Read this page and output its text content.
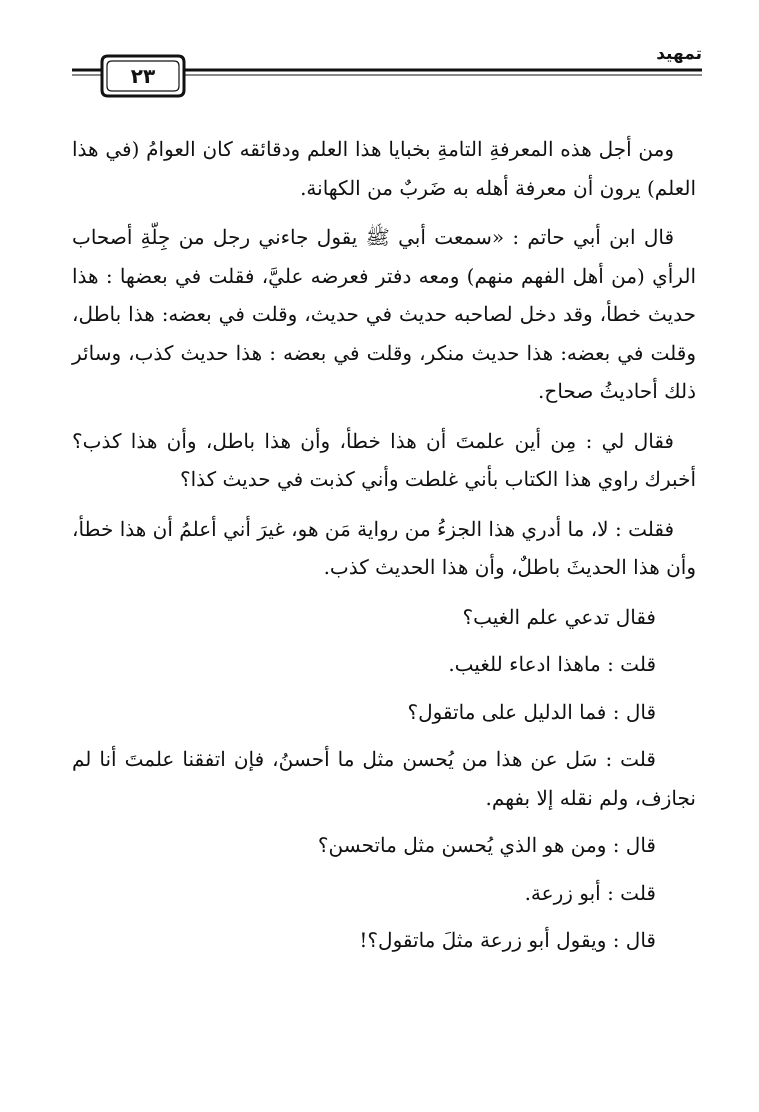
تمهيد
٢٣

ومن أجل هذه المعرفةِ التامةِ بخبايا هذا العلم ودقائقه كان العوامُ (في هذا العلم) يرون أن معرفة أهله به ضَربٌ من الكهانة.

قال ابن أبي حاتم : «سمعت أبي ﷺ يقول جاءني رجل من جِلّةِ أصحاب الرأي (من أهل الفهم منهم) ومعه دفتر فعرضه عليَّ، فقلت في بعضها : هذا حديث خطأ، وقد دخل لصاحبه حديث في حديث، وقلت في بعضه: هذا باطل، وقلت في بعضه: هذا حديث منكر، وقلت في بعضه : هذا حديث كذب، وسائر ذلك أحاديثُ صحاح.

فقال لي : مِن أين علمتَ أن هذا خطأ، وأن هذا باطل، وأن هذا كذب؟ أخبرك راوي هذا الكتاب بأني غلطت وأني كذبت في حديث كذا؟

فقلت : لا، ما أدري هذا الجزءُ من رواية مَن هو، غيرَ أني أعلمُ أن هذا خطأ، وأن هذا الحديثَ باطلٌ، وأن هذا الحديث كذب.

فقال تدعي علم الغيب؟

قلت : ماهذا ادعاء للغيب.

قال : فما الدليل على ماتقول؟

قلت : سَل عن هذا من يُحسن مثل ما أحسنُ، فإن اتفقنا علمتَ أنا لم نجازف، ولم نقله إلا بفهم.

قال : ومن هو الذي يُحسن مثل ماتحسن؟

قلت : أبو زرعة.

قال : ويقول أبو زرعة مثلَ ماتقول؟!
